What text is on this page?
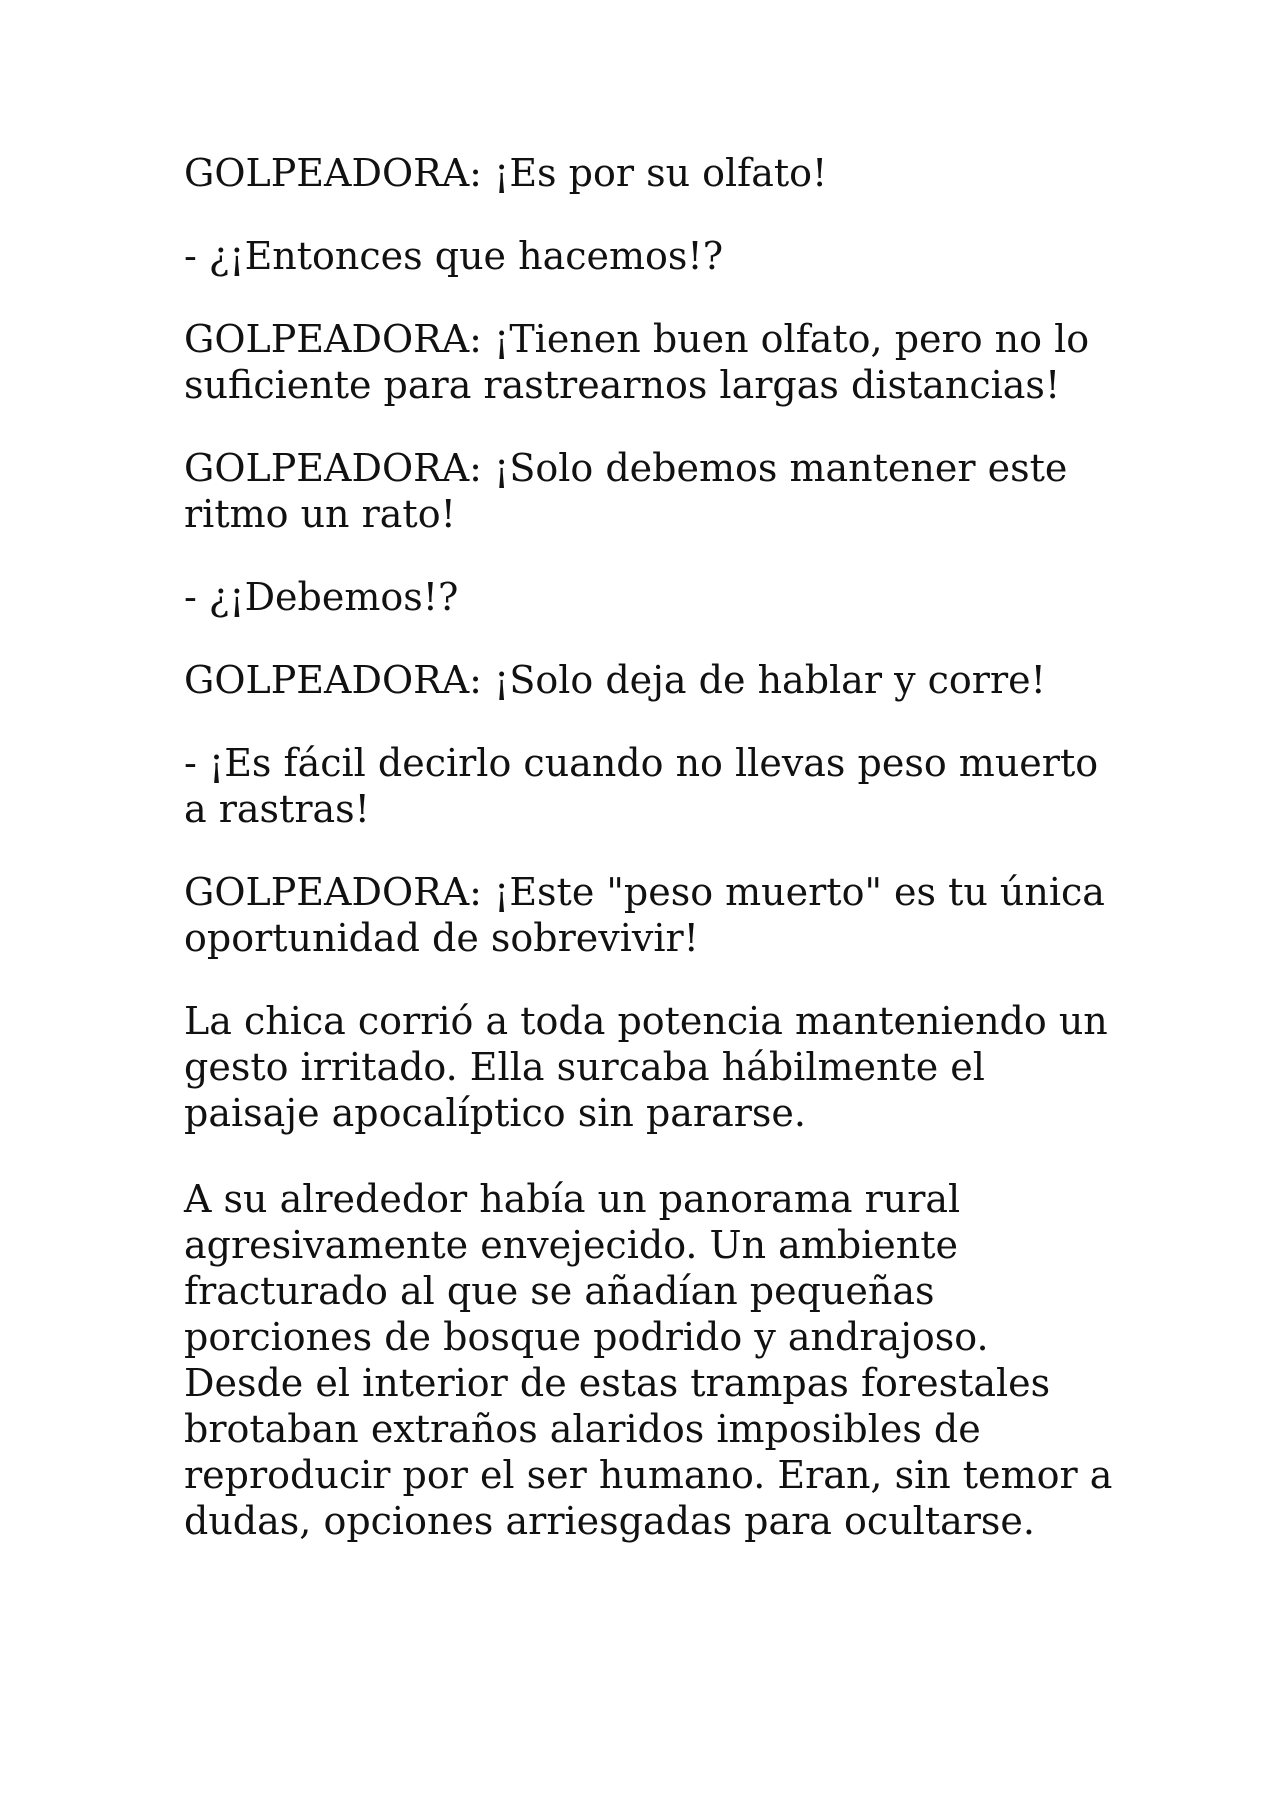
GOLPEADORA: ¡Es por su olfato!

- ¿¡Entonces que hacemos!?

GOLPEADORA: ¡Tienen buen olfato, pero no lo suficiente para rastrearnos largas distancias!

GOLPEADORA: ¡Solo debemos mantener este ritmo un rato!

- ¿¡Debemos!?

GOLPEADORA: ¡Solo deja de hablar y corre!

- ¡Es fácil decirlo cuando no llevas peso muerto a rastras!

GOLPEADORA: ¡Este "peso muerto" es tu única oportunidad de sobrevivir!

La chica corrió a toda potencia manteniendo un gesto irritado. Ella surcaba hábilmente el paisaje apocalíptico sin pararse.

A su alrededor había un panorama rural agresivamente envejecido. Un ambiente fracturado al que se añadían pequeñas porciones de bosque podrido y andrajoso. Desde el interior de estas trampas forestales brotaban extraños alaridos imposibles de reproducir por el ser humano. Eran, sin temor a dudas, opciones arriesgadas para ocultarse.
